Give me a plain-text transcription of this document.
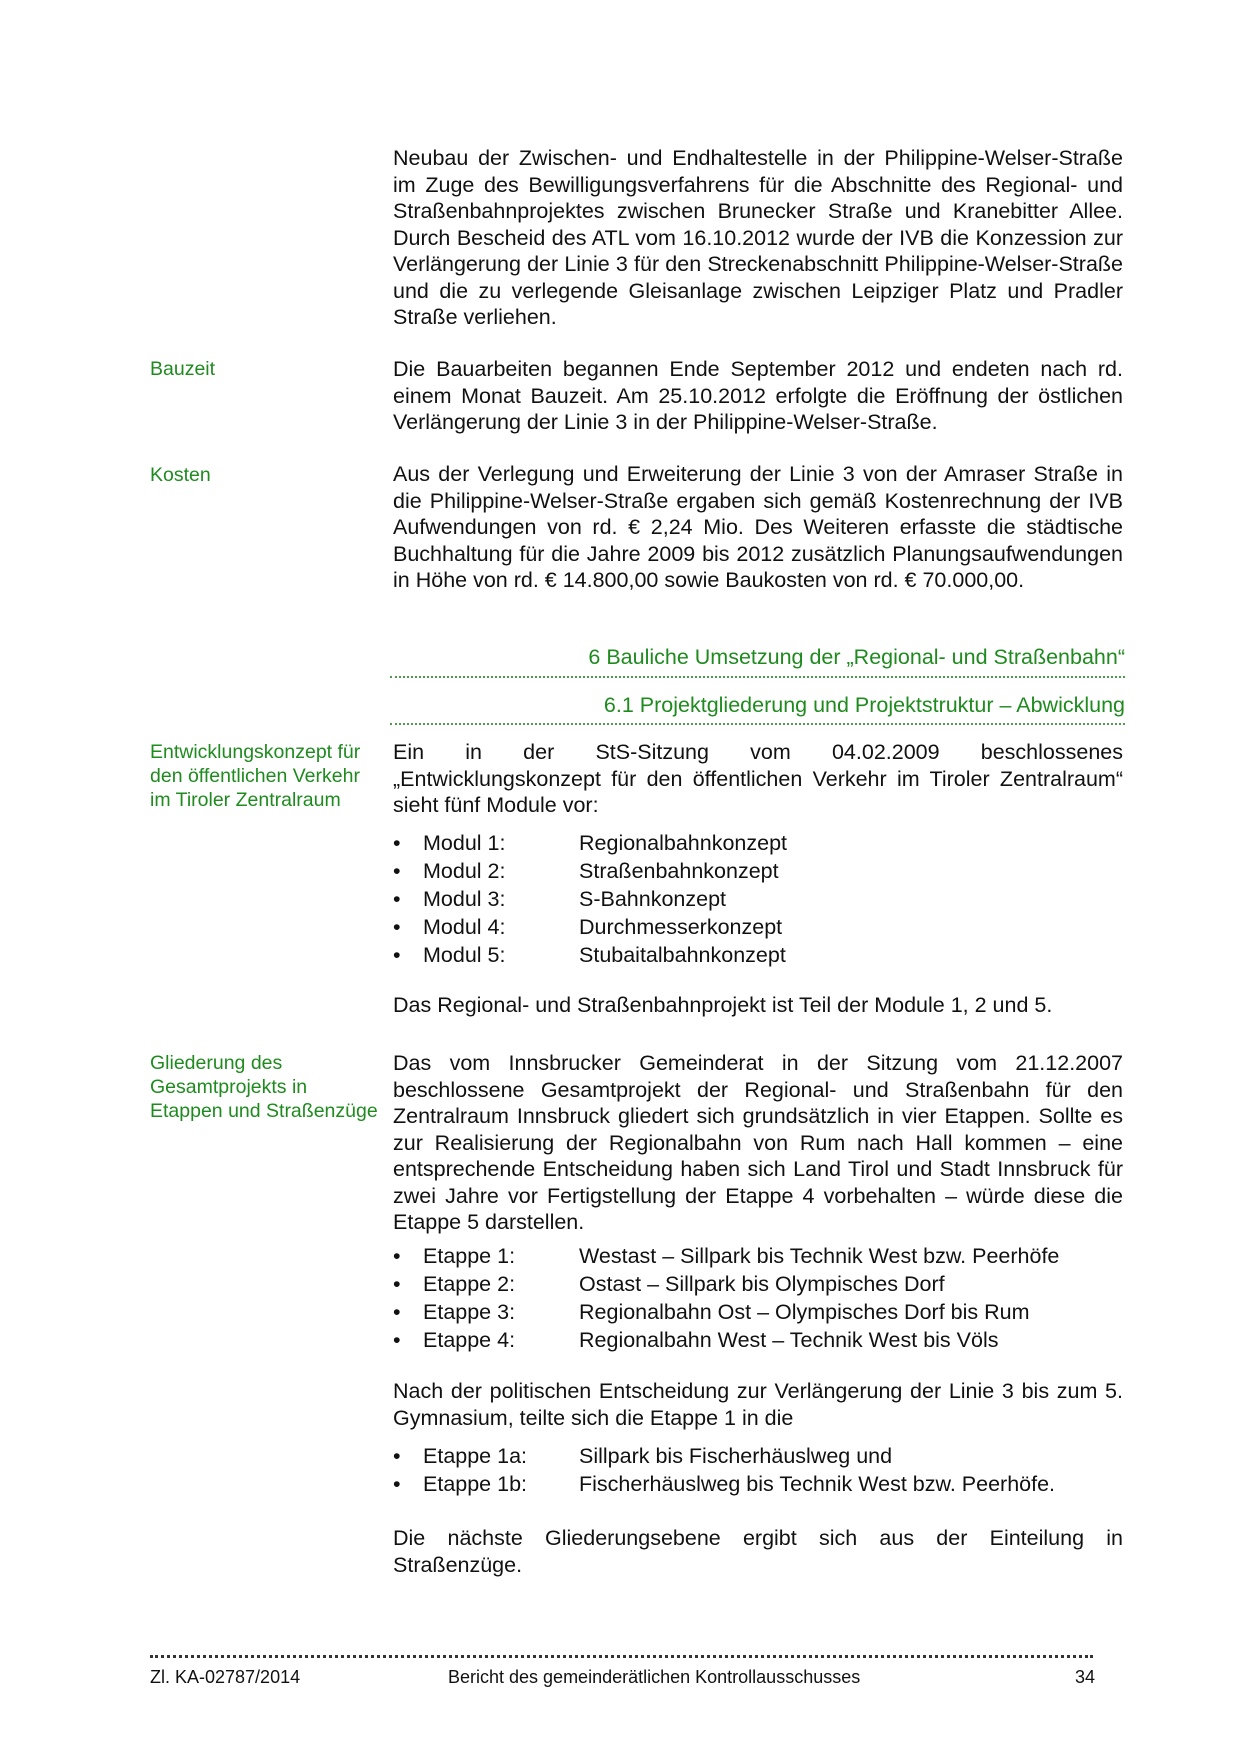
Neubau der Zwischen- und Endhaltestelle in der Philippine-Welser-Straße im Zuge des Bewilligungsverfahrens für die Abschnitte des Regional- und Straßenbahnprojektes zwischen Brunecker Straße und Kranebitter Allee. Durch Bescheid des ATL vom 16.10.2012 wurde der IVB die Konzession zur Verlängerung der Linie 3 für den Streckenabschnitt Philippine-Welser-Straße und die zu verlegende Gleisanlage zwischen Leipziger Platz und Pradler Straße verliehen.

Bauzeit	Die Bauarbeiten begannen Ende September 2012 und endeten nach rd. einem Monat Bauzeit. Am 25.10.2012 erfolgte die Eröffnung der östlichen Verlängerung der Linie 3 in der Philippine-Welser-Straße.

Kosten	Aus der Verlegung und Erweiterung der Linie 3 von der Amraser Straße in die Philippine-Welser-Straße ergaben sich gemäß Kostenrechnung der IVB Aufwendungen von rd. € 2,24 Mio. Des Weiteren erfasste die städtische Buchhaltung für die Jahre 2009 bis 2012 zusätzlich Planungsaufwendungen in Höhe von rd. € 14.800,00 sowie Baukosten von rd. € 70.000,00.

6 Bauliche Umsetzung der „Regional- und Straßenbahn“
6.1 Projektgliederung und Projektstruktur – Abwicklung
Entwicklungskonzept für den öffentlichen Verkehr im Tiroler Zentralraum

Ein in der StS-Sitzung vom 04.02.2009 beschlossenes „Entwicklungskonzept für den öffentlichen Verkehr im Tiroler Zentralraum“ sieht fünf Module vor:

• Modul 1:	Regionalbahnkonzept
• Modul 2:	Straßenbahnkonzept
• Modul 3:	S-Bahnkonzept
• Modul 4:	Durchmesserkonzept
• Modul 5:	Stubaitalbahnkonzept

Das Regional- und Straßenbahnprojekt ist Teil der Module 1, 2 und 5.

Gliederung des Gesamtprojekts in Etappen und Straßenzüge

Das vom Innsbrucker Gemeinderat in der Sitzung vom 21.12.2007 beschlossene Gesamtprojekt der Regional- und Straßenbahn für den Zentralraum Innsbruck gliedert sich grundsätzlich in vier Etappen. Sollte es zur Realisierung der Regionalbahn von Rum nach Hall kommen – eine entsprechende Entscheidung haben sich Land Tirol und Stadt Innsbruck für zwei Jahre vor Fertigstellung der Etappe 4 vorbehalten – würde diese die Etappe 5 darstellen.

• Etappe 1:	Westast – Sillpark bis Technik West bzw. Peerhöfe
• Etappe 2:	Ostast – Sillpark bis Olympisches Dorf
• Etappe 3:	Regionalbahn Ost – Olympisches Dorf bis Rum
• Etappe 4:	Regionalbahn West – Technik West bis Völs

Nach der politischen Entscheidung zur Verlängerung der Linie 3 bis zum 5. Gymnasium, teilte sich die Etappe 1 in die

• Etappe 1a: Sillpark bis Fischerhäuslweg und
• Etappe 1b: Fischerhäuslweg bis Technik West bzw. Peerhöfe.

Die nächste Gliederungsebene ergibt sich aus der Einteilung in Straßenzüge.

Zl. KA-02787/2014	Bericht des gemeinderätlichen Kontrollausschusses	34
